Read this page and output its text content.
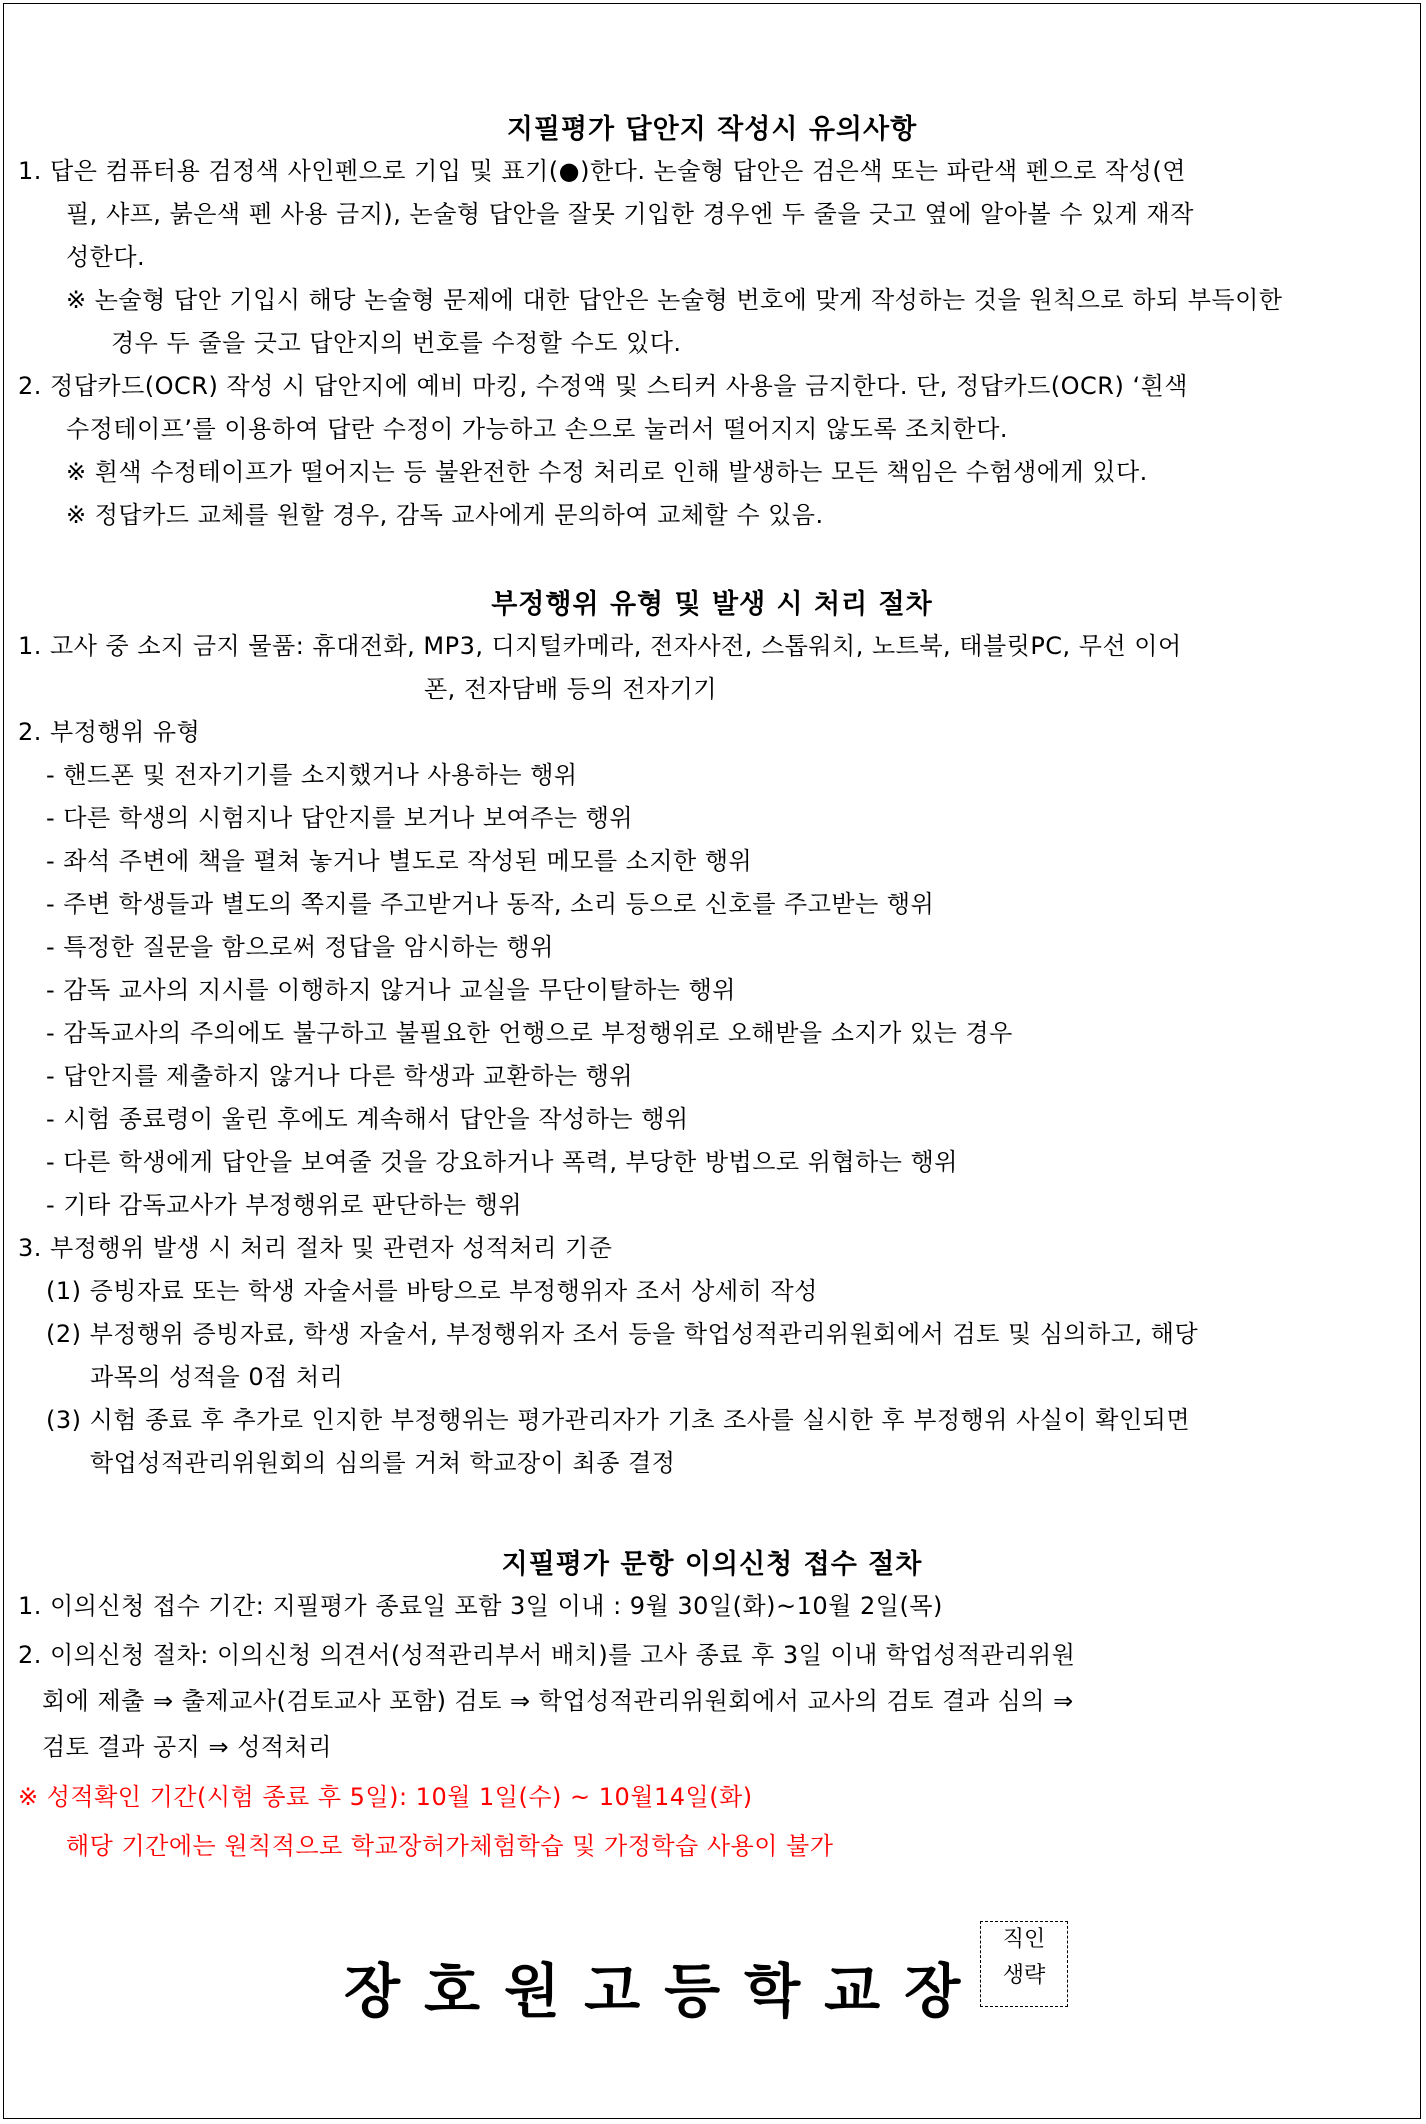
지필평가 답안지 작성시 유의사항
1. 답은 컴퓨터용 검정색 사인펜으로 기입 및 표기(●)한다. 논술형 답안은 검은색 또는 파란색 펜으로 작성(연
필, 샤프, 붉은색 펜 사용 금지), 논술형 답안을 잘못 기입한 경우엔 두 줄을 긋고 옆에 알아볼 수 있게 재작
성한다.
※ 논술형 답안 기입시 해당 논술형 문제에 대한 답안은 논술형 번호에 맞게 작성하는 것을 원칙으로 하되 부득이한
경우 두 줄을 긋고 답안지의 번호를 수정할 수도 있다.
2. 정답카드(OCR) 작성 시 답안지에 예비 마킹, 수정액 및 스티커 사용을 금지한다. 단, 정답카드(OCR) ‘흰색
수정테이프’를 이용하여 답란 수정이 가능하고 손으로 눌러서 떨어지지 않도록 조치한다.
※ 흰색 수정테이프가 떨어지는 등 불완전한 수정 처리로 인해 발생하는 모든 책임은 수험생에게 있다.
※ 정답카드 교체를 원할 경우, 감독 교사에게 문의하여 교체할 수 있음.
부정행위 유형 및 발생 시 처리 절차
1. 고사 중 소지 금지 물품: 휴대전화, MP3, 디지털카메라, 전자사전, 스톱워치, 노트북, 태블릿PC, 무선 이어
폰, 전자담배 등의 전자기기
2. 부정행위 유형
- 핸드폰 및 전자기기를 소지했거나 사용하는 행위
- 다른 학생의 시험지나 답안지를 보거나 보여주는 행위
- 좌석 주변에 책을 펼쳐 놓거나 별도로 작성된 메모를 소지한 행위
- 주변 학생들과 별도의 쪽지를 주고받거나 동작, 소리 등으로 신호를 주고받는 행위
- 특정한 질문을 함으로써 정답을 암시하는 행위
- 감독 교사의 지시를 이행하지 않거나 교실을 무단이탈하는 행위
- 감독교사의 주의에도 불구하고 불필요한 언행으로 부정행위로 오해받을 소지가 있는 경우
- 답안지를 제출하지 않거나 다른 학생과 교환하는 행위
- 시험 종료령이 울린 후에도 계속해서 답안을 작성하는 행위
- 다른 학생에게 답안을 보여줄 것을 강요하거나 폭력, 부당한 방법으로 위협하는 행위
- 기타 감독교사가 부정행위로 판단하는 행위
3. 부정행위 발생 시 처리 절차 및 관련자 성적처리 기준
(1) 증빙자료 또는 학생 자술서를 바탕으로 부정행위자 조서 상세히 작성
(2) 부정행위 증빙자료, 학생 자술서, 부정행위자 조서 등을 학업성적관리위원회에서 검토 및 심의하고, 해당
과목의 성적을 0점 처리
(3) 시험 종료 후 추가로 인지한 부정행위는 평가관리자가 기초 조사를 실시한 후 부정행위 사실이 확인되면
학업성적관리위원회의 심의를 거쳐 학교장이 최종 결정
지필평가 문항 이의신청 접수 절차
1. 이의신청 접수 기간: 지필평가 종료일 포함 3일 이내 : 9월 30일(화)~10월 2일(목)
2. 이의신청 절차: 이의신청 의견서(성적관리부서 배치)를 고사 종료 후 3일 이내 학업성적관리위원
회에 제출 ⇒ 출제교사(검토교사 포함) 검토 ⇒ 학업성적관리위원회에서 교사의 검토 결과 심의 ⇒
검토 결과 공지 ⇒ 성적처리
※ 성적확인 기간(시험 종료 후 5일): 10월 1일(수) ~ 10월14일(화)
해당 기간에는 원칙적으로 학교장허가체험학습 및 가정학습 사용이 불가
장호원고등학교장
직인
생략
